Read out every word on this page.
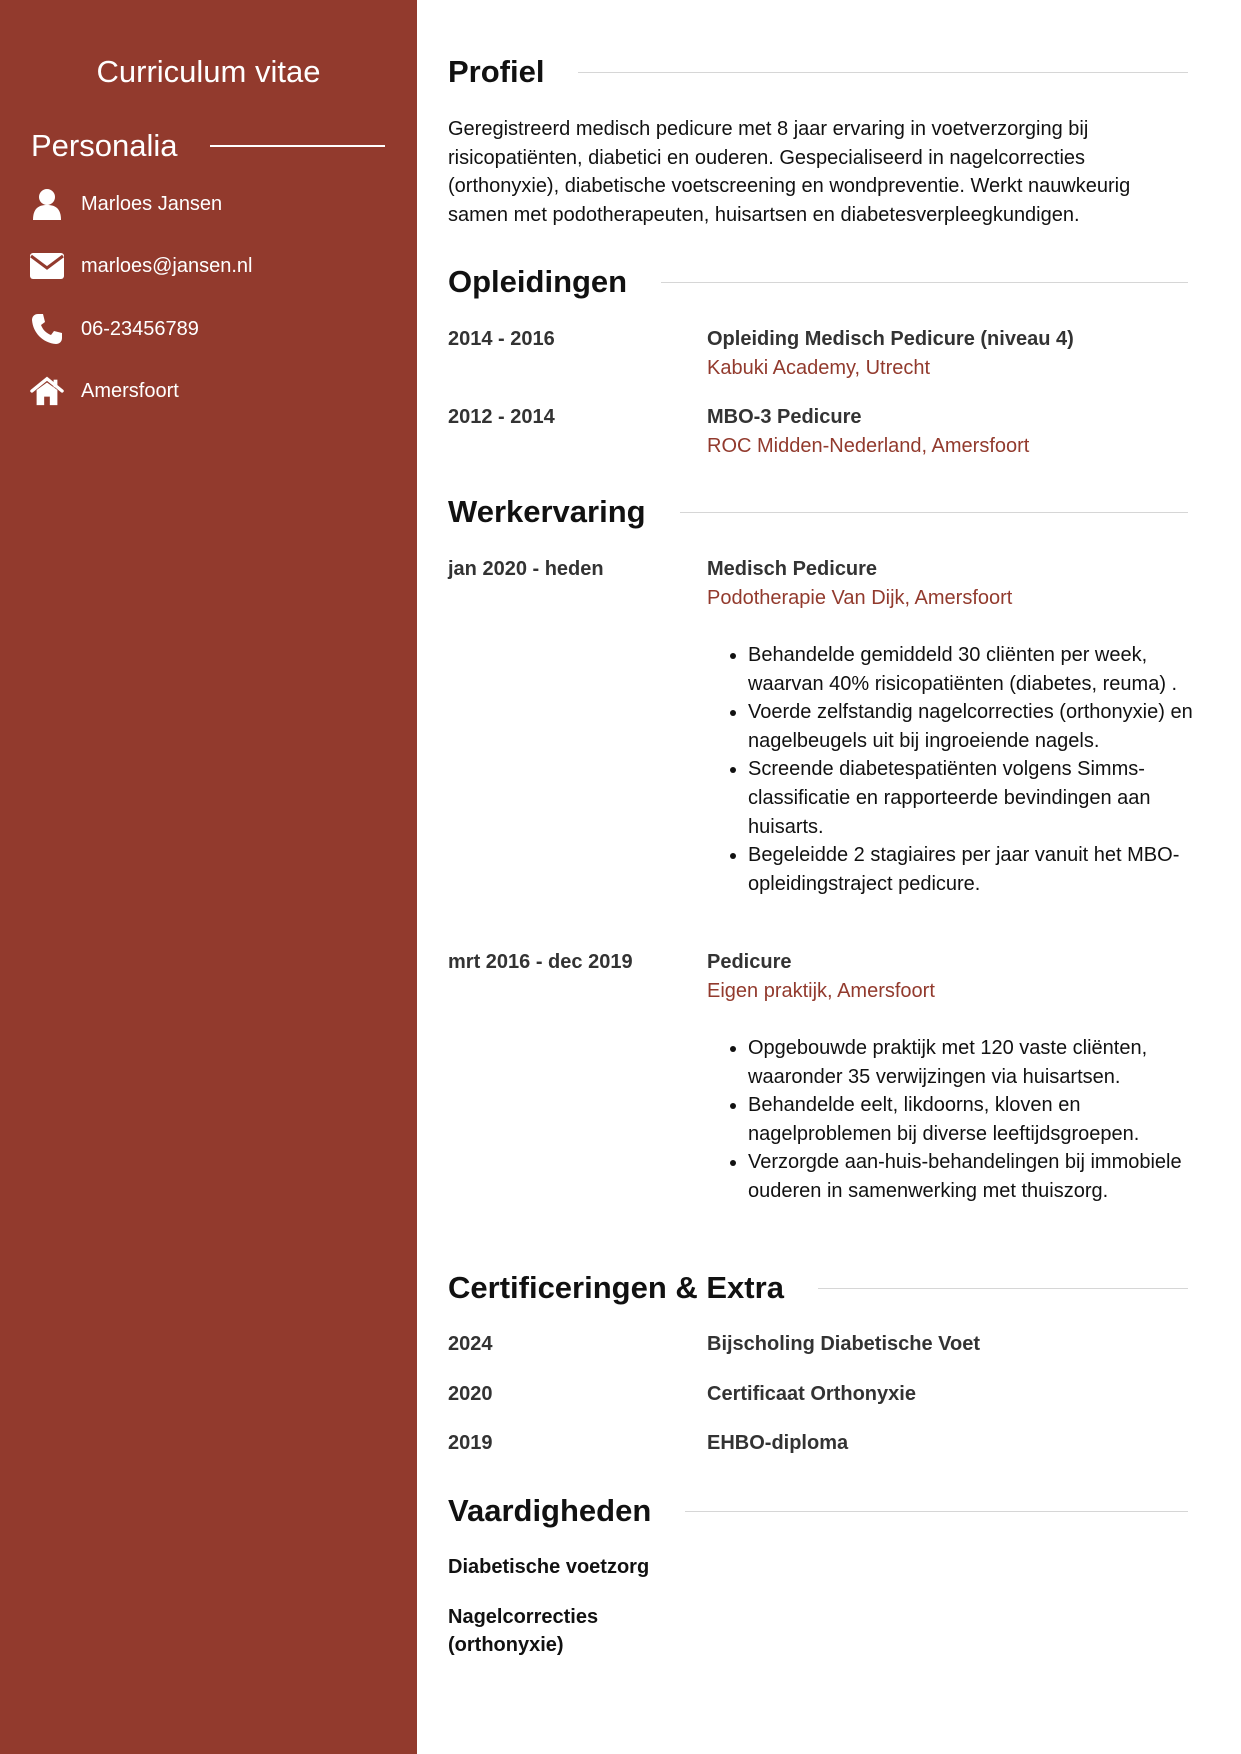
Curriculum vitae
Personalia
Marloes Jansen
marloes@jansen.nl
06-23456789
Amersfoort
Profiel
Geregistreerd medisch pedicure met 8 jaar ervaring in voetverzorging bij risicopatiënten, diabetici en ouderen. Gespecialiseerd in nagelcorrecties (orthonyxie), diabetische voetscreening en wondpreventie. Werkt nauwkeurig samen met podotherapeuten, huisartsen en diabetesverpleegkundigen.
Opleidingen
2014 - 2016	Opleiding Medisch Pedicure (niveau 4)
Kabuki Academy, Utrecht
2012 - 2014	MBO-3 Pedicure
ROC Midden-Nederland, Amersfoort
Werkervaring
jan 2020 - heden	Medisch Pedicure
Podotherapie Van Dijk, Amersfoort
• Behandelde gemiddeld 30 cliënten per week, waarvan 40% risicopatiënten (diabetes, reuma) .
• Voerde zelfstandig nagelcorrecties (orthonyxie) en nagelbeugels uit bij ingroeiende nagels.
• Screende diabetespatiënten volgens Simms-classificatie en rapporteerde bevindingen aan huisarts.
• Begeleidde 2 stagiaires per jaar vanuit het MBO-opleidingstraject pedicure.
mrt 2016 - dec 2019	Pedicure
Eigen praktijk, Amersfoort
• Opgebouwde praktijk met 120 vaste cliënten, waaronder 35 verwijzingen via huisartsen.
• Behandelde eelt, likdoorns, kloven en nagelproblemen bij diverse leeftijdsgroepen.
• Verzorgde aan-huis-behandelingen bij immobiele ouderen in samenwerking met thuiszorg.
Certificeringen & Extra
2024	Bijscholing Diabetische Voet
2020	Certificaat Orthonyxie
2019	EHBO-diploma
Vaardigheden
Diabetische voetzorg
Nagelcorrecties (orthonyxie)
